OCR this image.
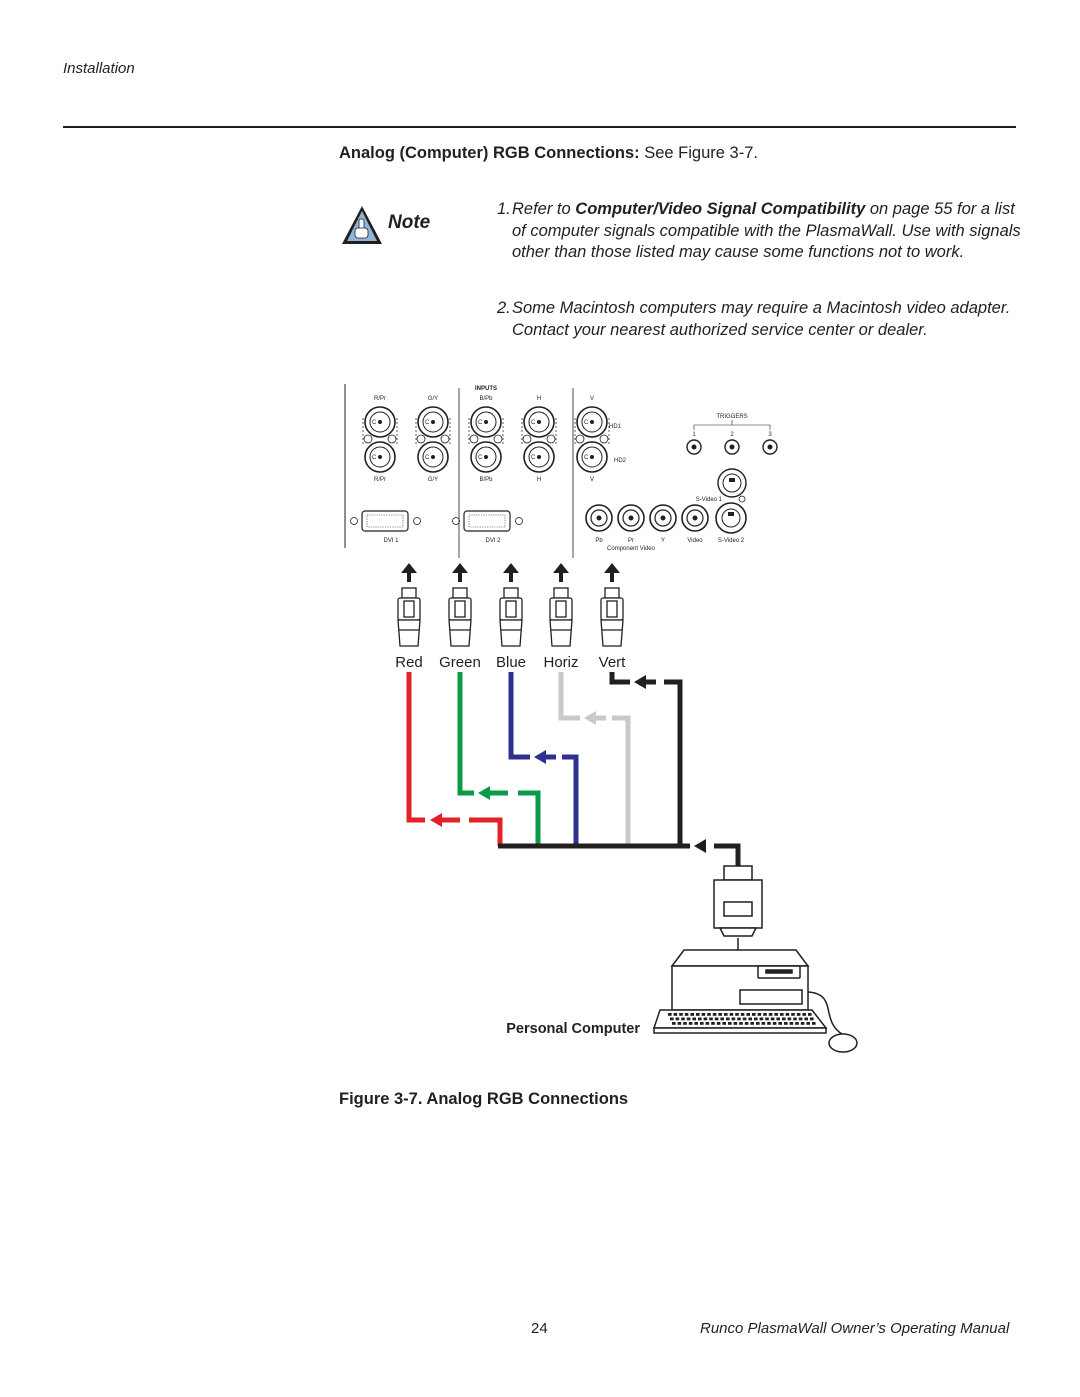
Installation
Analog (Computer) RGB Connections: See Figure 3-7.
Note
1. Refer to Computer/Video Signal Compatibility on page 55 for a list of computer signals compatible with the PlasmaWall. Use with signals other than those listed may cause some functions not to work.
2. Some Macintosh computers may require a Macintosh video adapter. Contact your nearest authorized service center or dealer.
INPUTS
C
C
R/Pr
R/Pr
C
C
G/Y
G/Y
C
C
B/Pb
B/Pb
C
C
H
H
C
C
V
V
HD1
HD2
TRIGGERS
1	2	3
S-Video 1
DVI 1	DVI 2	Pb	Pr	Y	Video	S-Video 2
Component Video
Red Green Blue Horiz Vert
Personal Computer
Figure 3-7. Analog RGB Connections
24	Runco PlasmaWall Owner’s Operating Manual
